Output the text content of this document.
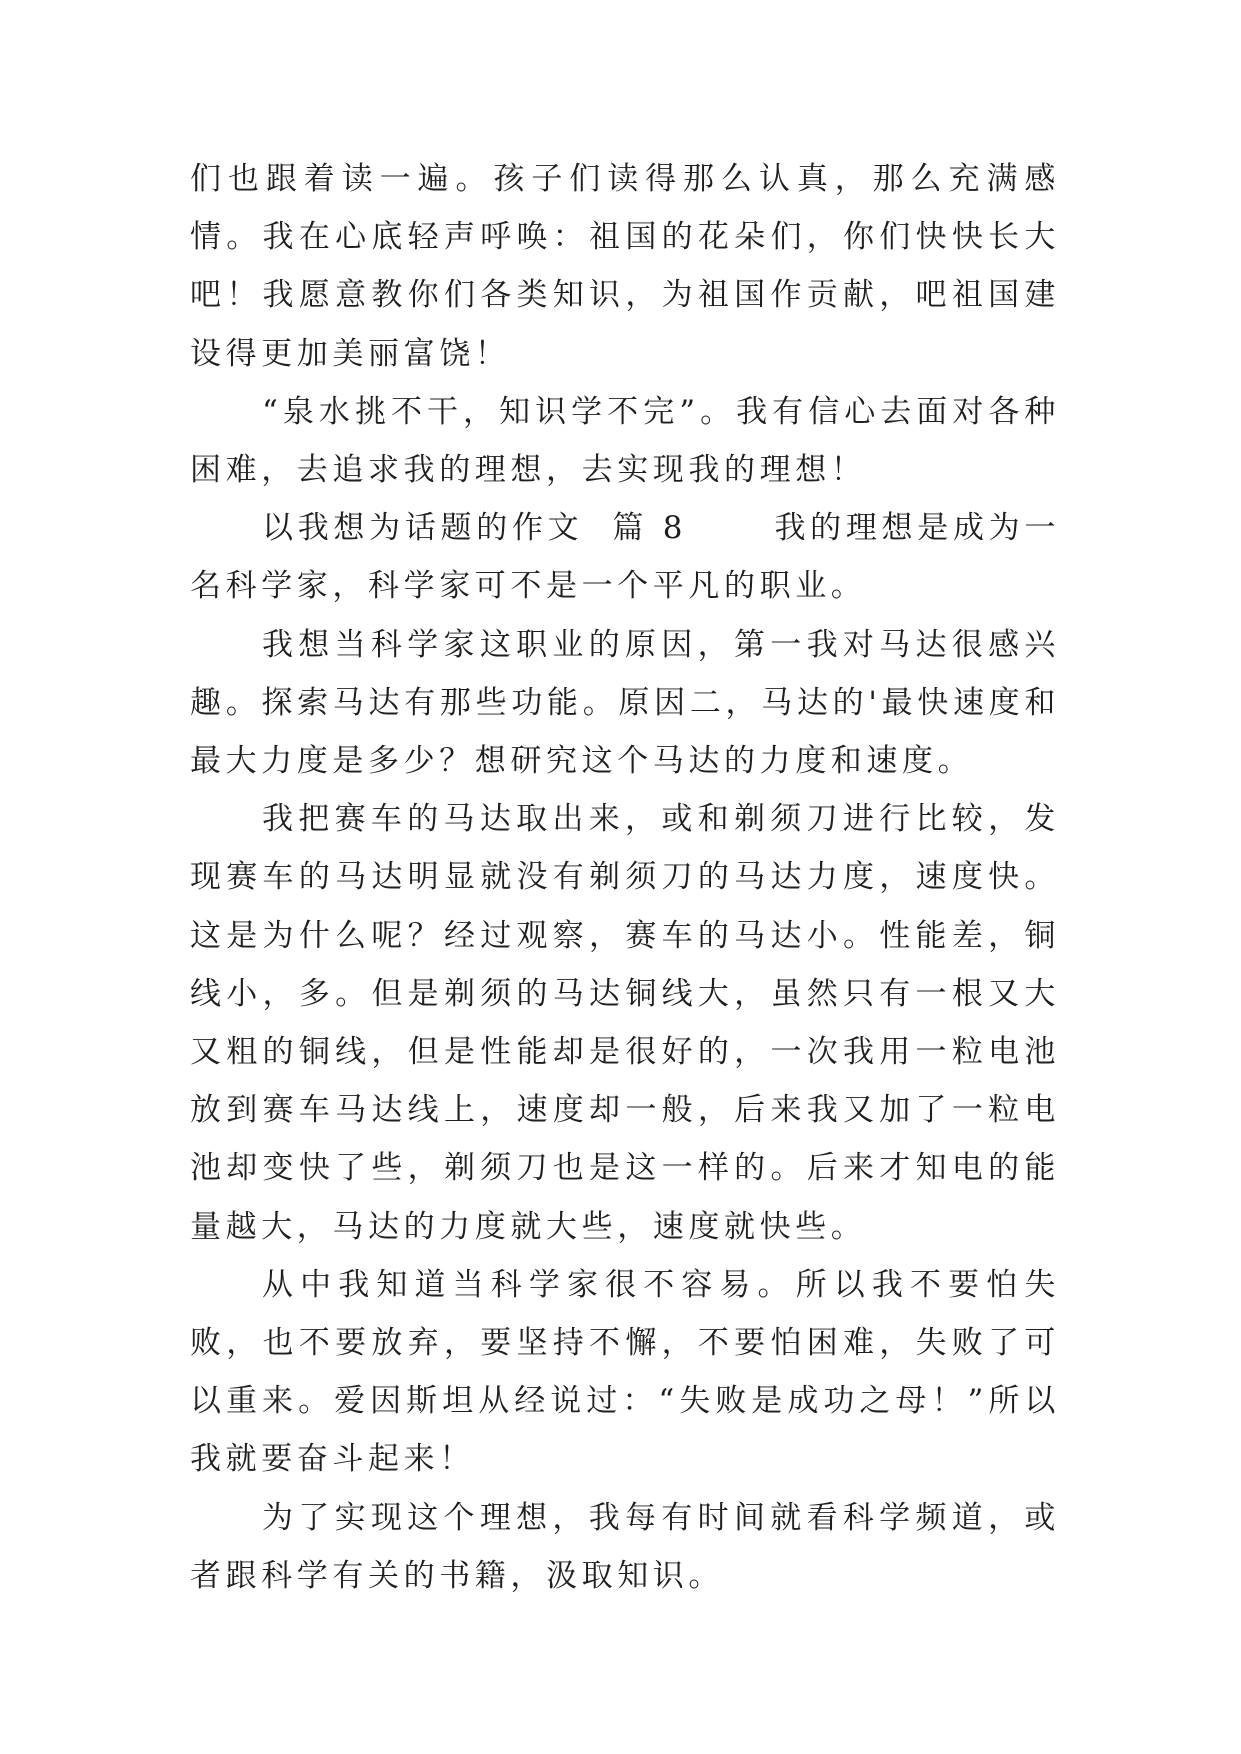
们也跟着读一遍。孩子们读得那么认真，那么充满感情。我在心底轻声呼唤：祖国的花朵们，你们快快长大吧！我愿意教你们各类知识，为祖国作贡献，吧祖国建设得更加美丽富饶！

“泉水挑不干，知识学不完”。我有信心去面对各种困难，去追求我的理想，去实现我的理想！

以我想为话题的作文  篇 8      我的理想是成为一名科学家，科学家可不是一个平凡的职业。

我想当科学家这职业的原因，第一我对马达很感兴趣。探索马达有那些功能。原因二，马达的'最快速度和最大力度是多少？想研究这个马达的力度和速度。

我把赛车的马达取出来，或和剃须刀进行比较，发现赛车的马达明显就没有剃须刀的马达力度，速度快。这是为什么呢？经过观察，赛车的马达小。性能差，铜线小，多。但是剃须的马达铜线大，虽然只有一根又大又粗的铜线，但是性能却是很好的，一次我用一粒电池放到赛车马达线上，速度却一般，后来我又加了一粒电池却变快了些，剃须刀也是这一样的。后来才知电的能量越大，马达的力度就大些，速度就快些。

从中我知道当科学家很不容易。所以我不要怕失败，也不要放弃，要坚持不懈，不要怕困难，失败了可以重来。爱因斯坦从经说过：“失败是成功之母！”所以我就要奋斗起来！

为了实现这个理想，我每有时间就看科学频道，或者跟科学有关的书籍，汲取知识。
